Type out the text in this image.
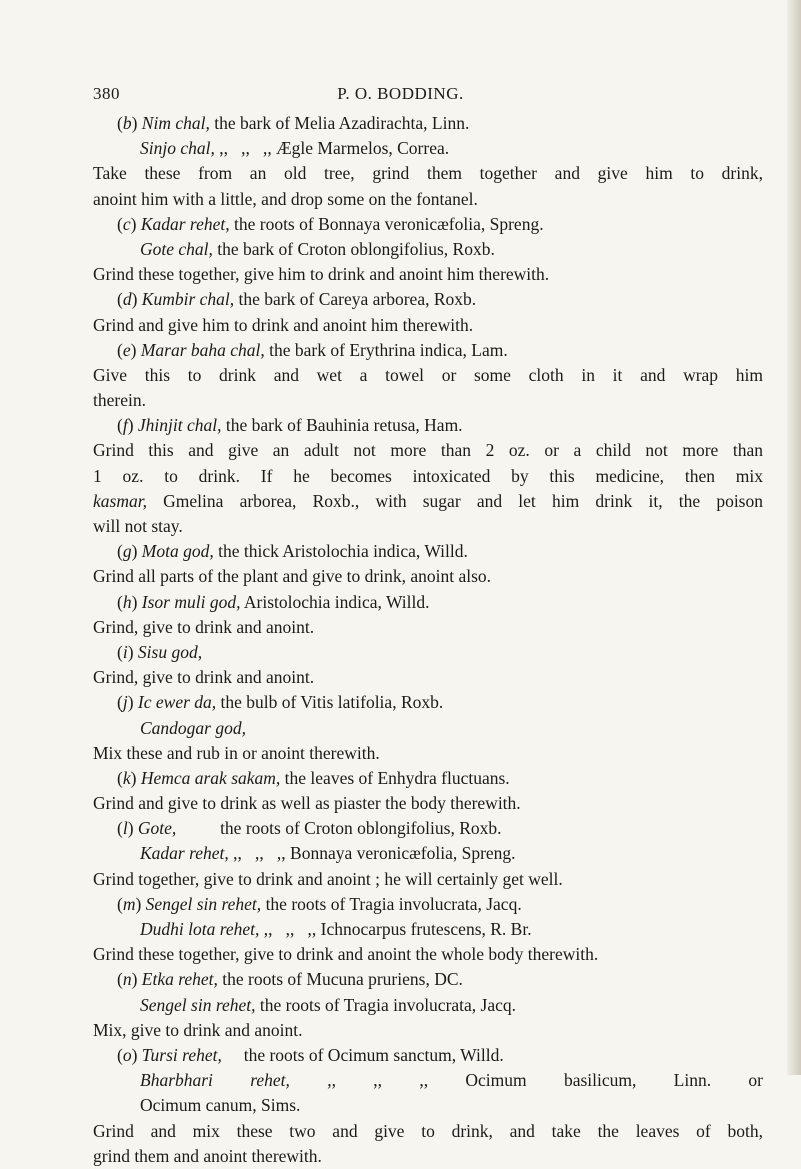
380	P. O. BODDING.
(b) Nim chal, the bark of Melia Azadirachta, Linn.
Sinjo chal, ,,   ,,   ,, Ægle Marmelos, Correa.
Take these from an old tree, grind them together and give him to drink,
anoint him with a little, and drop some on the fontanel.
(c) Kadar rehet, the roots of Bonnaya veronicæfolia, Spreng.
Gote chal, the bark of Croton oblongifolius, Roxb.
Grind these together, give him to drink and anoint him therewith.
(d) Kumbir chal, the bark of Careya arborea, Roxb.
Grind and give him to drink and anoint him therewith.
(e) Marar baha chal, the bark of Erythrina indica, Lam.
Give this to drink and wet a towel or some cloth in it and wrap him
therein.
(f) Jhinjit chal, the bark of Bauhinia retusa, Ham.
Grind this and give an adult not more than 2 oz. or a child not more than
1 oz. to drink. If he becomes intoxicated by this medicine, then mix
kasmar, Gmelina arborea, Roxb., with sugar and let him drink it, the poison
will not stay.
(g) Mota god, the thick Aristolochia indica, Willd.
Grind all parts of the plant and give to drink, anoint also.
(h) Isor muli god, Aristolochia indica, Willd.
Grind, give to drink and anoint.
(i) Sisu god,
Grind, give to drink and anoint.
(j) Ic ewer da, the bulb of Vitis latifolia, Roxb.
Candogar god,
Mix these and rub in or anoint therewith.
(k) Hemca arak sakam, the leaves of Enhydra fluctuans.
Grind and give to drink as well as piaster the body therewith.
(l) Gote,          the roots of Croton oblongifolius, Roxb.
Kadar rehet, ,,   ,,   ,, Bonnaya veronicæfolia, Spreng.
Grind together, give to drink and anoint ; he will certainly get well.
(m) Sengel sin rehet, the roots of Tragia involucrata, Jacq.
Dudhi lota rehet, ,,   ,,   ,, Ichnocarpus frutescens, R. Br.
Grind these together, give to drink and anoint the whole body therewith.
(n) Etka rehet, the roots of Mucuna pruriens, DC.
Sengel sin rehet, the roots of Tragia involucrata, Jacq.
Mix, give to drink and anoint.
(o) Tursi rehet,     the roots of Ocimum sanctum, Willd.
Bharbhari rehet, ,, ,, ,, Ocimum basilicum, Linn. or
Ocimum canum, Sims.
Grind and mix these two and give to drink, and take the leaves of both,
grind them and anoint therewith.
